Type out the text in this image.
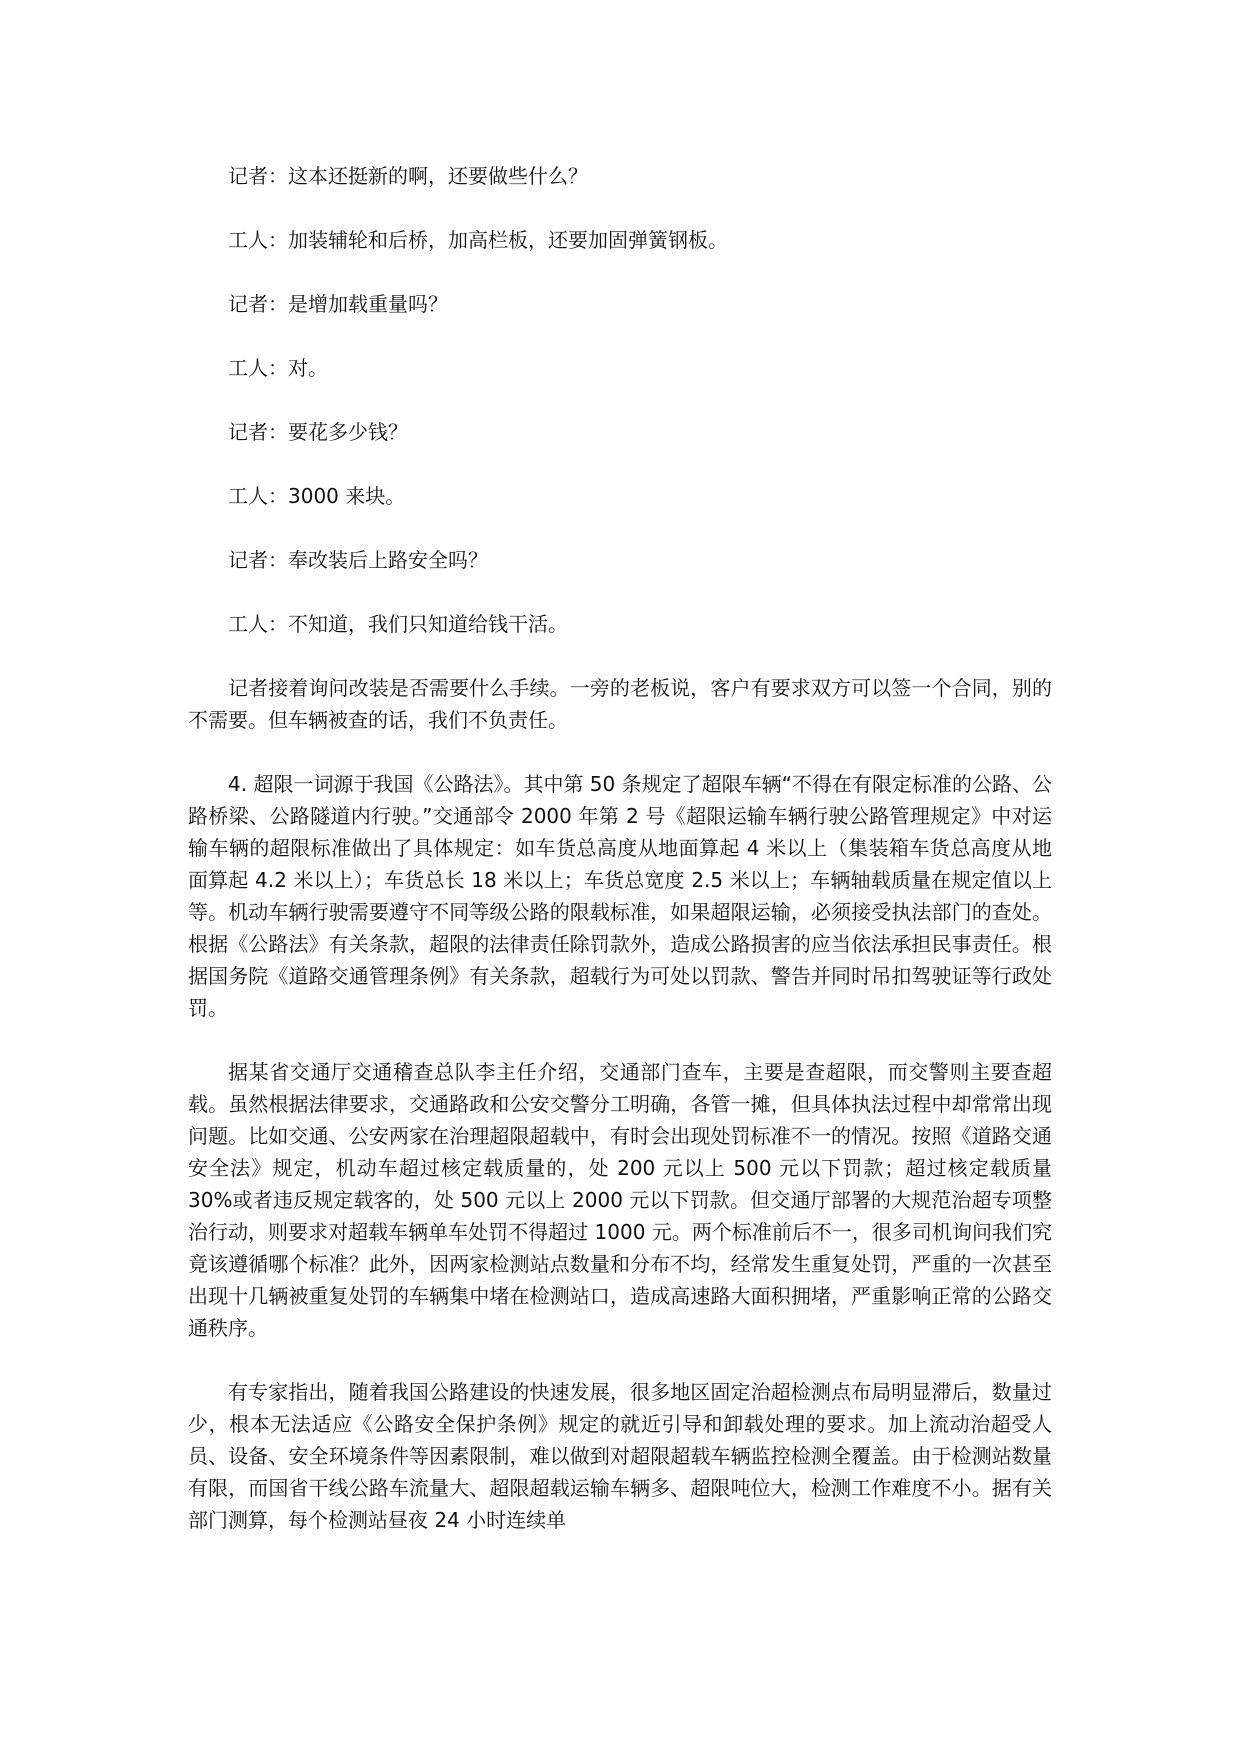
记者：这本还挺新的啊，还要做些什么？

工人：加装辅轮和后桥，加高栏板，还要加固弹簧钢板。

记者：是增加载重量吗？

工人：对。

记者：要花多少钱？

工人：3000 来块。

记者：奉改装后上路安全吗？

工人：不知道，我们只知道给钱干活。

记者接着询问改装是否需要什么手续。一旁的老板说，客户有要求双方可以签一个合同，别的不需要。但车辆被查的话，我们不负责任。

4. 超限一词源于我国《公路法》。其中第 50 条规定了超限车辆“不得在有限定标准的公路、公路桥梁、公路隧道内行驶。”交通部令 2000 年第 2 号《超限运输车辆行驶公路管理规定》中对运输车辆的超限标准做出了具体规定：如车货总高度从地面算起 4 米以上（集装箱车货总高度从地面算起 4.2 米以上）；车货总长 18 米以上；车货总宽度 2.5 米以上；车辆轴载质量在规定值以上等。机动车辆行驶需要遵守不同等级公路的限载标准，如果超限运输，必须接受执法部门的查处。根据《公路法》有关条款，超限的法律责任除罚款外，造成公路损害的应当依法承担民事责任。根据国务院《道路交通管理条例》有关条款，超载行为可处以罚款、警告并同时吊扣驾驶证等行政处罚。

据某省交通厅交通稽查总队李主任介绍，交通部门查车，主要是查超限，而交警则主要查超载。虽然根据法律要求，交通路政和公安交警分工明确，各管一摊，但具体执法过程中却常常出现问题。比如交通、公安两家在治理超限超载中，有时会出现处罚标准不一的情况。按照《道路交通安全法》规定，机动车超过核定载质量的，处 200 元以上 500 元以下罚款；超过核定载质量 30%或者违反规定载客的，处 500 元以上 2000 元以下罚款。但交通厅部署的大规范治超专项整治行动，则要求对超载车辆单车处罚不得超过 1000 元。两个标准前后不一，很多司机询问我们究竟该遵循哪个标准？此外，因两家检测站点数量和分布不均，经常发生重复处罚，严重的一次甚至出现十几辆被重复处罚的车辆集中堵在检测站口，造成高速路大面积拥堵，严重影响正常的公路交通秩序。

有专家指出，随着我国公路建设的快速发展，很多地区固定治超检测点布局明显滞后，数量过少，根本无法适应《公路安全保护条例》规定的就近引导和卸载处理的要求。加上流动治超受人员、设备、安全环境条件等因素限制，难以做到对超限超载车辆监控检测全覆盖。由于检测站数量有限，而国省干线公路车流量大、超限超载运输车辆多、超限吨位大，检测工作难度不小。据有关部门测算，每个检测站昼夜 24 小时连续单
